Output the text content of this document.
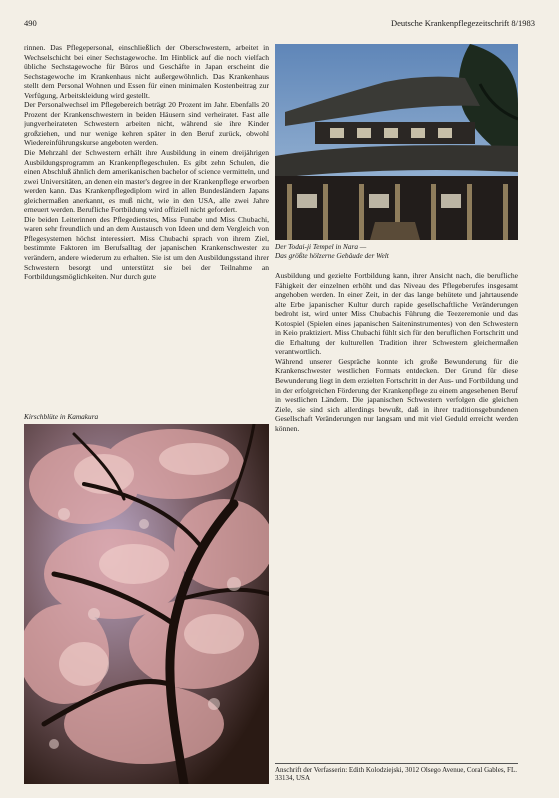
490	Deutsche Krankenpflegezeitschrift 8/1983

rinnen. Das Pflegepersonal, einschließlich der Oberschwestern, arbeitet in Wechselschicht bei einer Sechstagewoche. Im Hinblick auf die noch vielfach übliche Sechstagewoche für Büros und Geschäfte in Japan erscheint die Sechstagewoche im Krankenhaus nicht außergewöhnlich. Das Krankenhaus stellt dem Personal Wohnen und Essen für einen minimalen Kostenbeitrag zur Verfügung, Arbeitskleidung wird gestellt.

Der Personalwechsel im Pflegebereich beträgt 20 Prozent im Jahr. Ebenfalls 20 Prozent der Krankenschwestern in beiden Häusern sind verheiratet. Fast alle jungverheirateten Schwestern arbeiten nicht, während sie ihre Kinder großziehen, und nur wenige kehren später in den Beruf zurück, obwohl Wiedereinführungskurse angeboten werden.

Die Mehrzahl der Schwestern erhält ihre Ausbildung in einem dreijährigen Ausbildungsprogramm an Krankenpflegeschulen. Es gibt zehn Schulen, die einen Abschluß ähnlich dem amerikanischen bachelor of science vermitteln, und zwei Universitäten, an denen ein master's degree in der Krankenpflege erworben werden kann. Das Krankenpflegediplom wird in allen Bundesländern Japans gleichermaßen anerkannt, es muß nicht, wie in den USA, alle zwei Jahre erneuert werden. Berufliche Fortbildung wird offiziell nicht gefordert.

Die beiden Leiterinnen des Pflegedienstes, Miss Funabe und Miss Chubachi, waren sehr freundlich und an dem Austausch von Ideen und dem Vergleich von Pflegesystemen höchst interessiert. Miss Chubachi sprach von ihrem Ziel, bestimmte Faktoren im Berufsalltag der japanischen Krankenschwester zu verändern, andere wiederum zu erhalten. Sie ist um den Ausbildungsstand ihrer Schwestern besorgt und unterstützt sie bei der Teilnahme an Fortbildungsmöglichkeiten. Nur durch gute

Der Todai-ji Tempel in Nara —
Das größte hölzerne Gebäude der Welt

Ausbildung und gezielte Fortbildung kann, ihrer Ansicht nach, die berufliche Fähigkeit der einzelnen erhöht und das Niveau des Pflegeberufes insgesamt angehoben werden. In einer Zeit, in der das lange behütete und jahrtausende alte Erbe japanischer Kultur durch rapide gesellschaftliche Veränderungen bedroht ist, wird unter Miss Chubachis Führung die Teezeremonie und das Kotospiel (Spielen eines japanischen Saiteninstrumentes) von den Schwestern in Keio praktiziert. Miss Chubachi fühlt sich für den beruflichen Fortschritt und die Erhaltung der kulturellen Tradition ihrer Schwestern gleichermaßen verantwortlich.

Während unserer Gespräche konnte ich große Bewunderung für die Krankenschwester westlichen Formats entdecken. Der Grund für diese Bewunderung liegt in dem erzielten Fortschritt in der Aus- und Fortbildung und in der erfolgreichen Förderung der Krankenpflege zu einem angesehenen Beruf in westlichen Ländern. Die japanischen Schwestern verfolgen die gleichen Ziele, sie sind sich allerdings bewußt, daß in ihrer traditionsgebundenen Gesellschaft Veränderungen nur langsam und mit viel Geduld erreicht werden können.

Kirschblüte in Kamakura
Anschrift der Verfasserin: Edith Kolodziejski, 3012 Olsego Avenue, Coral Gables, FL. 33134, USA
